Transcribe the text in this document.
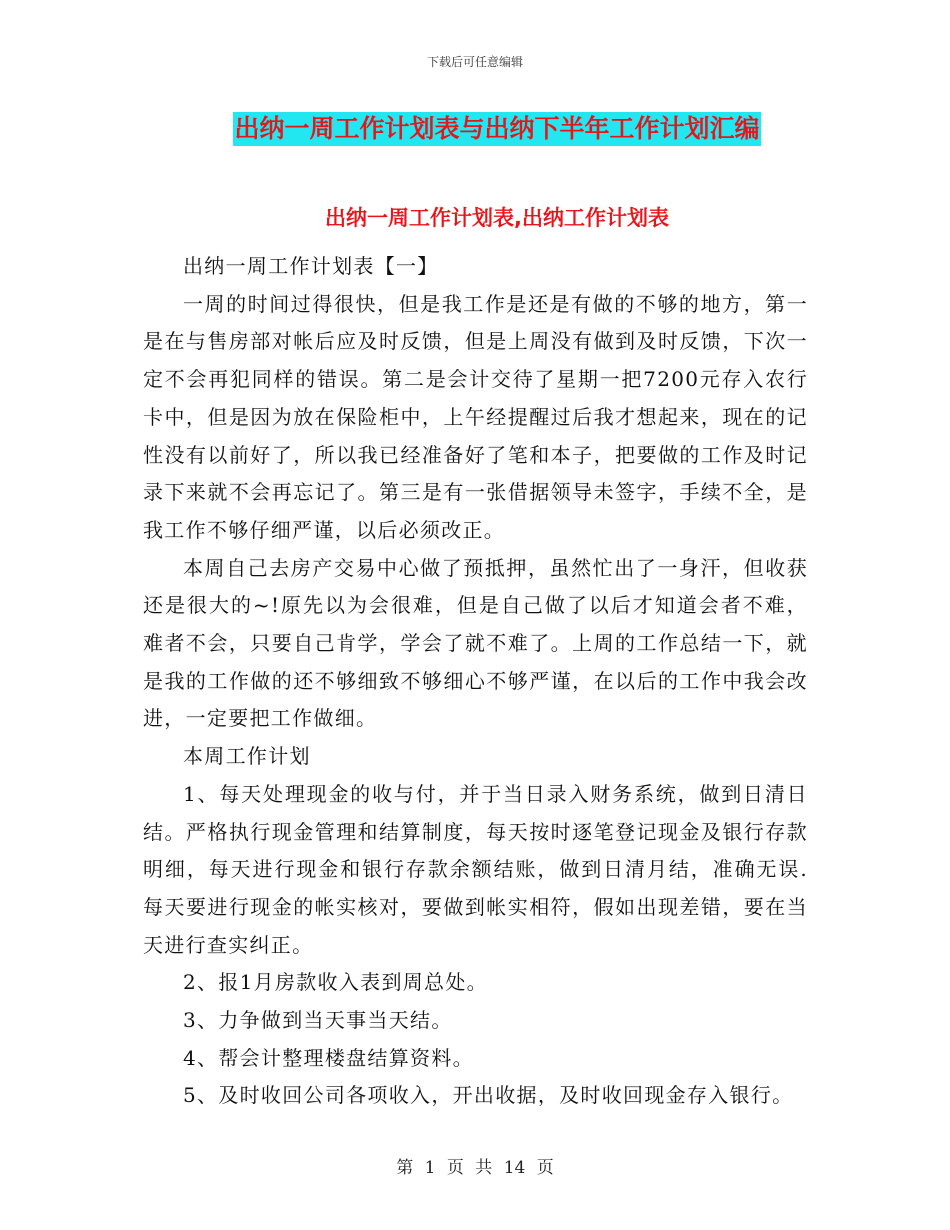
下载后可任意编辑
出纳一周工作计划表与出纳下半年工作计划汇编
出纳一周工作计划表,出纳工作计划表

出纳一周工作计划表【一】

一周的时间过得很快，但是我工作是还是有做的不够的地方，第一是在与售房部对帐后应及时反馈，但是上周没有做到及时反馈，下次一定不会再犯同样的错误。第二是会计交待了星期一把7200元存入农行卡中，但是因为放在保险柜中，上午经提醒过后我才想起来，现在的记性没有以前好了，所以我已经准备好了笔和本子，把要做的工作及时记录下来就不会再忘记了。第三是有一张借据领导未签字，手续不全，是我工作不够仔细严谨，以后必须改正。

本周自己去房产交易中心做了预抵押，虽然忙出了一身汗，但收获还是很大的~!原先以为会很难，但是自己做了以后才知道会者不难，难者不会，只要自己肯学，学会了就不难了。上周的工作总结一下，就是我的工作做的还不够细致不够细心不够严谨，在以后的工作中我会改进，一定要把工作做细。

本周工作计划

1、每天处理现金的收与付，并于当日录入财务系统，做到日清日结。严格执行现金管理和结算制度，每天按时逐笔登记现金及银行存款明细，每天进行现金和银行存款余额结账，做到日清月结，准确无误.每天要进行现金的帐实核对，要做到帐实相符，假如出现差错，要在当天进行查实纠正。

2、报1月房款收入表到周总处。

3、力争做到当天事当天结。

4、帮会计整理楼盘结算资料。

5、及时收回公司各项收入，开出收据，及时收回现金存入银行。

第 1 页 共 14 页
